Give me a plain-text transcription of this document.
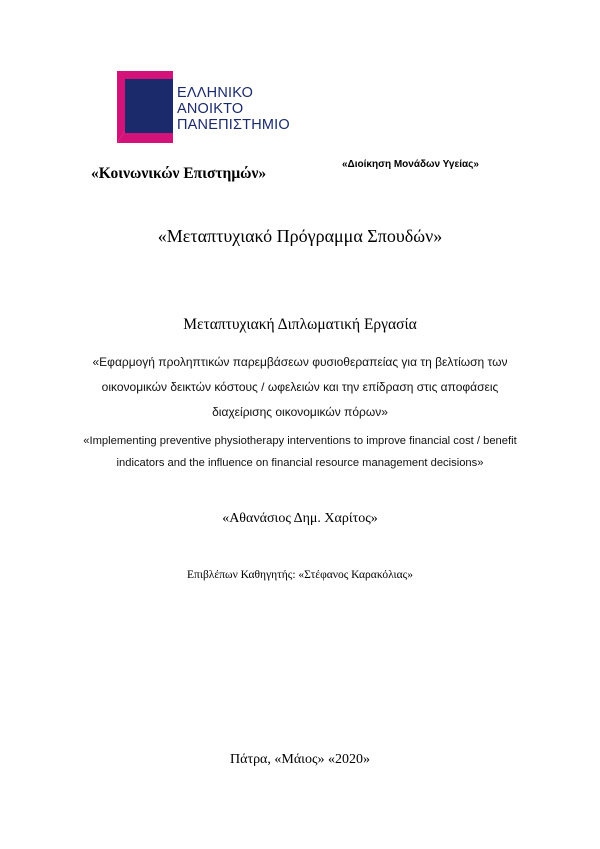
ΕΛΛΗΝΙΚΟ
ΑΝΟΙΚΤΟ
ΠΑΝΕΠΙΣΤΗΜΙΟ
«Κοινωνικών Επιστημών»
«Διοίκηση Μονάδων Υγείας»
«Μεταπτυχιακό Πρόγραμμα Σπουδών»
Μεταπτυχιακή Διπλωματική Εργασία
«Εφαρμογή προληπτικών παρεμβάσεων φυσιοθεραπείας για τη βελτίωση των οικονομικών δεικτών κόστους / ωφελειών και την επίδραση στις αποφάσεις διαχείρισης οικονομικών πόρων»
«Implementing preventive physiotherapy interventions to improve financial cost / benefit indicators and the influence on financial resource management decisions»
«Αθανάσιος Δημ. Χαρίτος»
Επιβλέπων Καθηγητής: «Στέφανος Καρακόλιας»
Πάτρα, «Μάιος» «2020»
